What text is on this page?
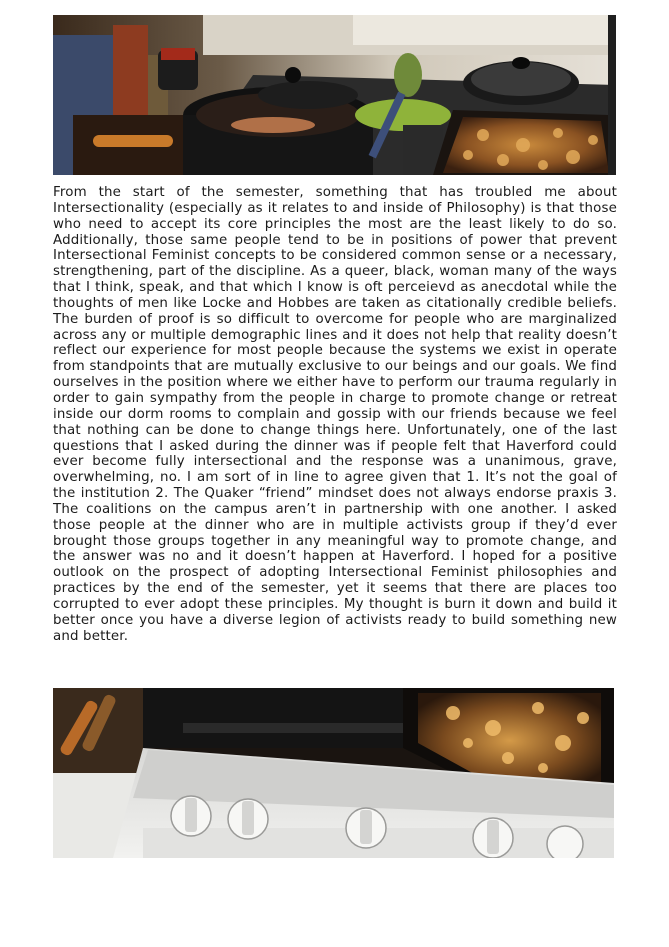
From the start of the semester, something that has troubled me about Intersectionality (especially as it relates to and inside of Philosophy) is that those who need to accept its core principles the most are the least likely to do so. Additionally, those same people tend to be in positions of power that prevent Intersectional Feminist concepts to be considered common sense or a necessary, strengthening, part of the discipline. As a queer, black, woman many of the ways that I think, speak, and that which I know is oft perceievd as anecdotal while the thoughts of men like Locke and Hobbes are taken as citationally credible beliefs. The burden of proof is so difficult to overcome for people who are marginalized across any or multiple demographic lines and it does not help that reality doesn’t reflect our experience for most people because the systems we exist in operate from standpoints that are mutually exclusive to our beings and our goals. We find ourselves in the position where we either have to perform our trauma regularly in order to gain sympathy from the people in charge to promote change or retreat inside our dorm rooms to complain and gossip with our friends because we feel that nothing can be done to change things here. Unfortunately, one of the last questions that I asked during the dinner was if people felt that Haverford could ever become fully intersectional and the response was a unanimous, grave, overwhelming, no. I am sort of in line to agree given that 1. It’s not the goal of the institution 2. The Quaker “friend” mindset does not always endorse praxis 3. The coalitions on the campus aren’t in partnership with one another. I asked those people at the dinner who are in multiple activists group if they’d ever brought those groups together in any meaningful way to promote change, and the answer was no and it doesn’t happen at Haverford. I hoped for a positive outlook on the prospect of adopting Intersectional Feminist philosophies and practices by the end of the semester, yet it seems that there are places too corrupted to ever adopt these principles. My thought is burn it down and build it better once you have a diverse legion of activists ready to build something new and better.
